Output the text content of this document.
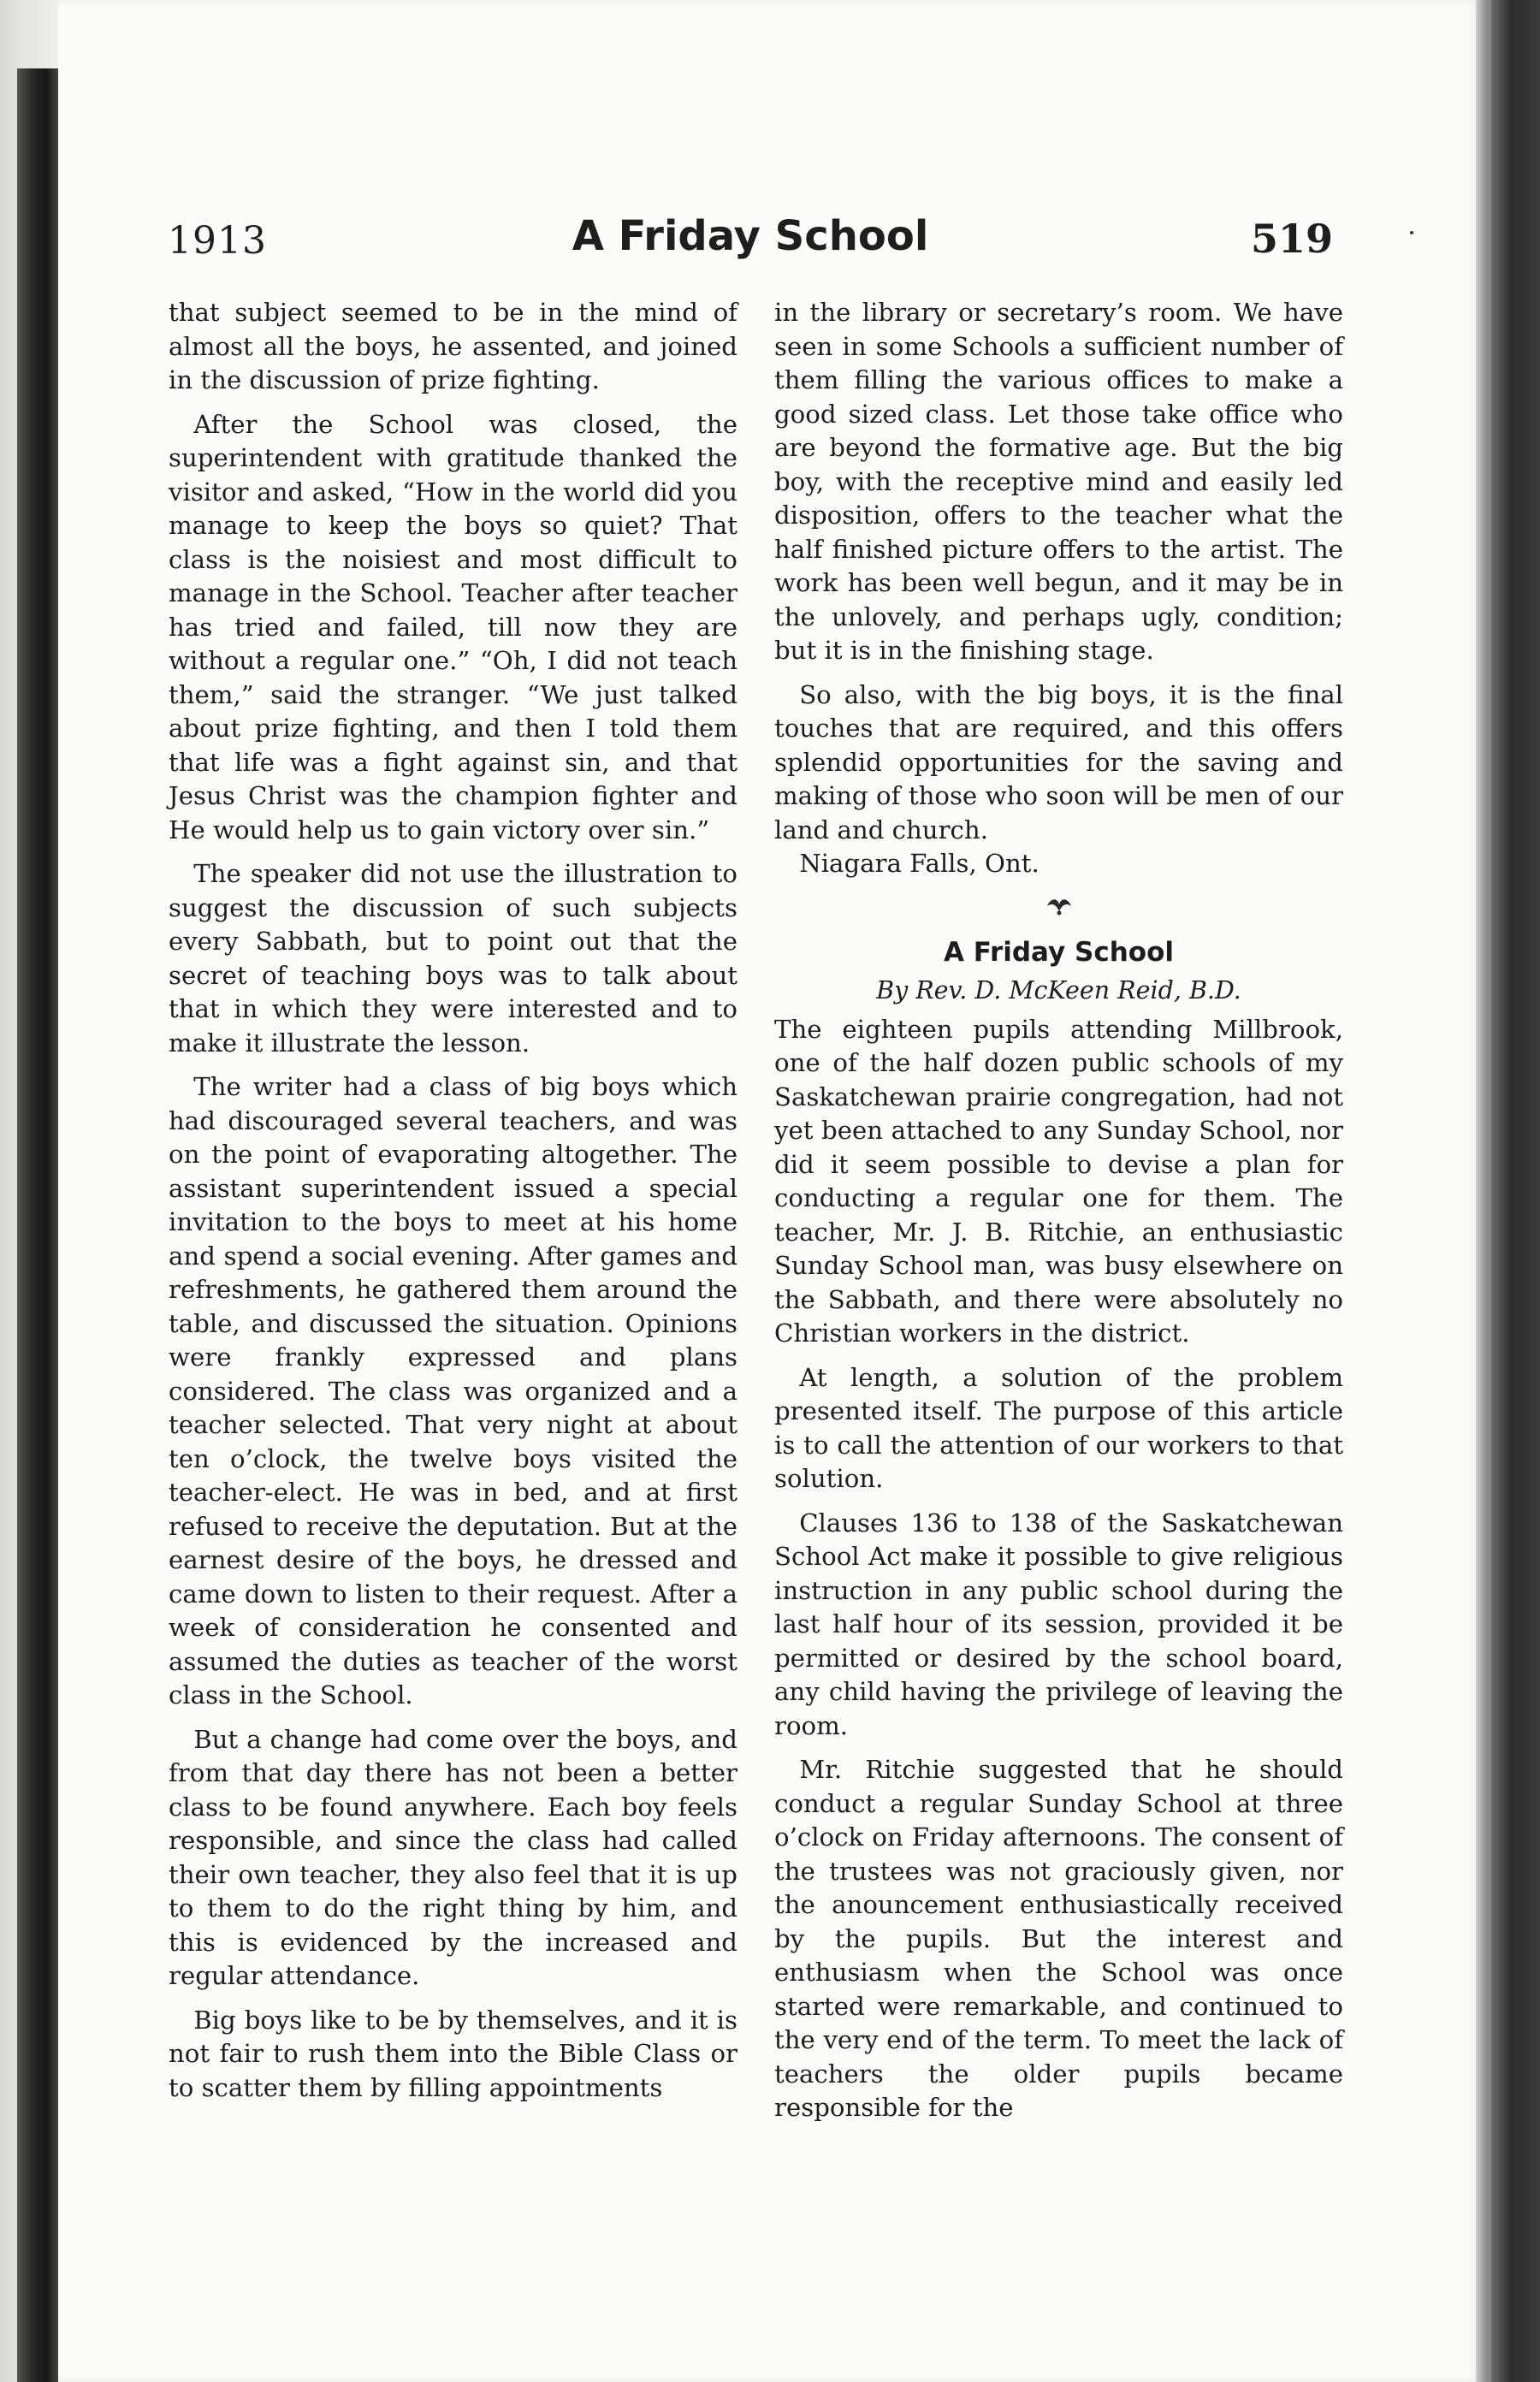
1913	A Friday School	519

that subject seemed to be in the mind of almost all the boys, he assented, and joined in the discussion of prize fighting.

After the School was closed, the superintendent with gratitude thanked the visitor and asked, “How in the world did you manage to keep the boys so quiet? That class is the noisiest and most difficult to manage in the School. Teacher after teacher has tried and failed, till now they are without a regular one.” “Oh, I did not teach them,” said the stranger. “We just talked about prize fighting, and then I told them that life was a fight against sin, and that Jesus Christ was the champion fighter and He would help us to gain victory over sin.”

The speaker did not use the illustration to suggest the discussion of such subjects every Sabbath, but to point out that the secret of teaching boys was to talk about that in which they were interested and to make it illustrate the lesson.

The writer had a class of big boys which had discouraged several teachers, and was on the point of evaporating altogether. The assistant superintendent issued a special invitation to the boys to meet at his home and spend a social evening. After games and refreshments, he gathered them around the table, and discussed the situation. Opinions were frankly expressed and plans considered. The class was organized and a teacher selected. That very night at about ten o’clock, the twelve boys visited the teacher-elect. He was in bed, and at first refused to receive the deputation. But at the earnest desire of the boys, he dressed and came down to listen to their request. After a week of consideration he consented and assumed the duties as teacher of the worst class in the School.

But a change had come over the boys, and from that day there has not been a better class to be found anywhere. Each boy feels responsible, and since the class had called their own teacher, they also feel that it is up to them to do the right thing by him, and this is evidenced by the increased and regular attendance.

Big boys like to be by themselves, and it is not fair to rush them into the Bible Class or to scatter them by filling appointments

in the library or secretary’s room. We have seen in some Schools a sufficient number of them filling the various offices to make a good sized class. Let those take office who are beyond the formative age. But the big boy, with the receptive mind and easily led disposition, offers to the teacher what the half finished picture offers to the artist. The work has been well begun, and it may be in the unlovely, and perhaps ugly, condition; but it is in the finishing stage.

So also, with the big boys, it is the final touches that are required, and this offers splendid opportunities for the saving and making of those who soon will be men of our land and church.

Niagara Falls, Ont.

A Friday School
By Rev. D. McKeen Reid, B.D.

The eighteen pupils attending Millbrook, one of the half dozen public schools of my Saskatchewan prairie congregation, had not yet been attached to any Sunday School, nor did it seem possible to devise a plan for conducting a regular one for them. The teacher, Mr. J. B. Ritchie, an enthusiastic Sunday School man, was busy elsewhere on the Sabbath, and there were absolutely no Christian workers in the district.

At length, a solution of the problem presented itself. The purpose of this article is to call the attention of our workers to that solution.

Clauses 136 to 138 of the Saskatchewan School Act make it possible to give religious instruction in any public school during the last half hour of its session, provided it be permitted or desired by the school board, any child having the privilege of leaving the room.

Mr. Ritchie suggested that he should conduct a regular Sunday School at three o’clock on Friday afternoons. The consent of the trustees was not graciously given, nor the anouncement enthusiastically received by the pupils. But the interest and enthusiasm when the School was once started were remarkable, and continued to the very end of the term. To meet the lack of teachers the older pupils became responsible for the
